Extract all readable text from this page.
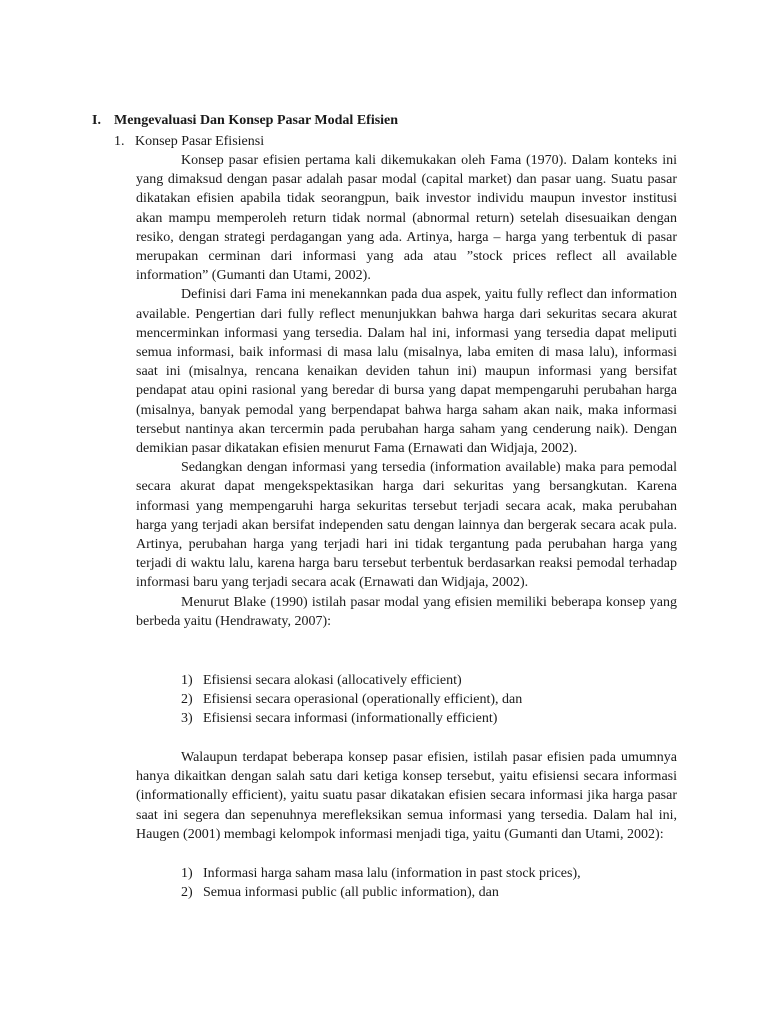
I. Mengevaluasi Dan Konsep Pasar Modal Efisien
1. Konsep Pasar Efisiensi

Konsep pasar efisien pertama kali dikemukakan oleh Fama (1970). Dalam konteks ini yang dimaksud dengan pasar adalah pasar modal (capital market) dan pasar uang. Suatu pasar dikatakan efisien apabila tidak seorangpun, baik investor individu maupun investor institusi akan mampu memperoleh return tidak normal (abnormal return) setelah disesuaikan dengan resiko, dengan strategi perdagangan yang ada. Artinya, harga – harga yang terbentuk di pasar merupakan cerminan dari informasi yang ada atau ”stock prices reflect all available information” (Gumanti dan Utami, 2002).

Definisi dari Fama ini menekannkan pada dua aspek, yaitu fully reflect dan information available. Pengertian dari fully reflect menunjukkan bahwa harga dari sekuritas secara akurat mencerminkan informasi yang tersedia. Dalam hal ini, informasi yang tersedia dapat meliputi semua informasi, baik informasi di masa lalu (misalnya, laba emiten di masa lalu), informasi saat ini (misalnya, rencana kenaikan deviden tahun ini) maupun informasi yang bersifat pendapat atau opini rasional yang beredar di bursa yang dapat mempengaruhi perubahan harga (misalnya, banyak pemodal yang berpendapat bahwa harga saham akan naik, maka informasi tersebut nantinya akan tercermin pada perubahan harga saham yang cenderung naik). Dengan demikian pasar dikatakan efisien menurut Fama (Ernawati dan Widjaja, 2002).

Sedangkan dengan informasi yang tersedia (information available) maka para pemodal secara akurat dapat mengekspektasikan harga dari sekuritas yang bersangkutan. Karena informasi yang mempengaruhi harga sekuritas tersebut terjadi secara acak, maka perubahan harga yang terjadi akan bersifat independen satu dengan lainnya dan bergerak secara acak pula. Artinya, perubahan harga yang terjadi hari ini tidak tergantung pada perubahan harga yang terjadi di waktu lalu, karena harga baru tersebut terbentuk berdasarkan reaksi pemodal terhadap informasi baru yang terjadi secara acak (Ernawati dan Widjaja, 2002).

Menurut Blake (1990) istilah pasar modal yang efisien memiliki beberapa konsep yang berbeda yaitu (Hendrawaty, 2007):

1) Efisiensi secara alokasi (allocatively efficient)
2) Efisiensi secara operasional (operationally efficient), dan
3) Efisiensi secara informasi (informationally efficient)

Walaupun terdapat beberapa konsep pasar efisien, istilah pasar efisien pada umumnya hanya dikaitkan dengan salah satu dari ketiga konsep tersebut, yaitu efisiensi secara informasi (informationally efficient), yaitu suatu pasar dikatakan efisien secara informasi jika harga pasar saat ini segera dan sepenuhnya merefleksikan semua informasi yang tersedia. Dalam hal ini, Haugen (2001) membagi kelompok informasi menjadi tiga, yaitu (Gumanti dan Utami, 2002):

1) Informasi harga saham masa lalu (information in past stock prices),
2) Semua informasi public (all public information), dan
